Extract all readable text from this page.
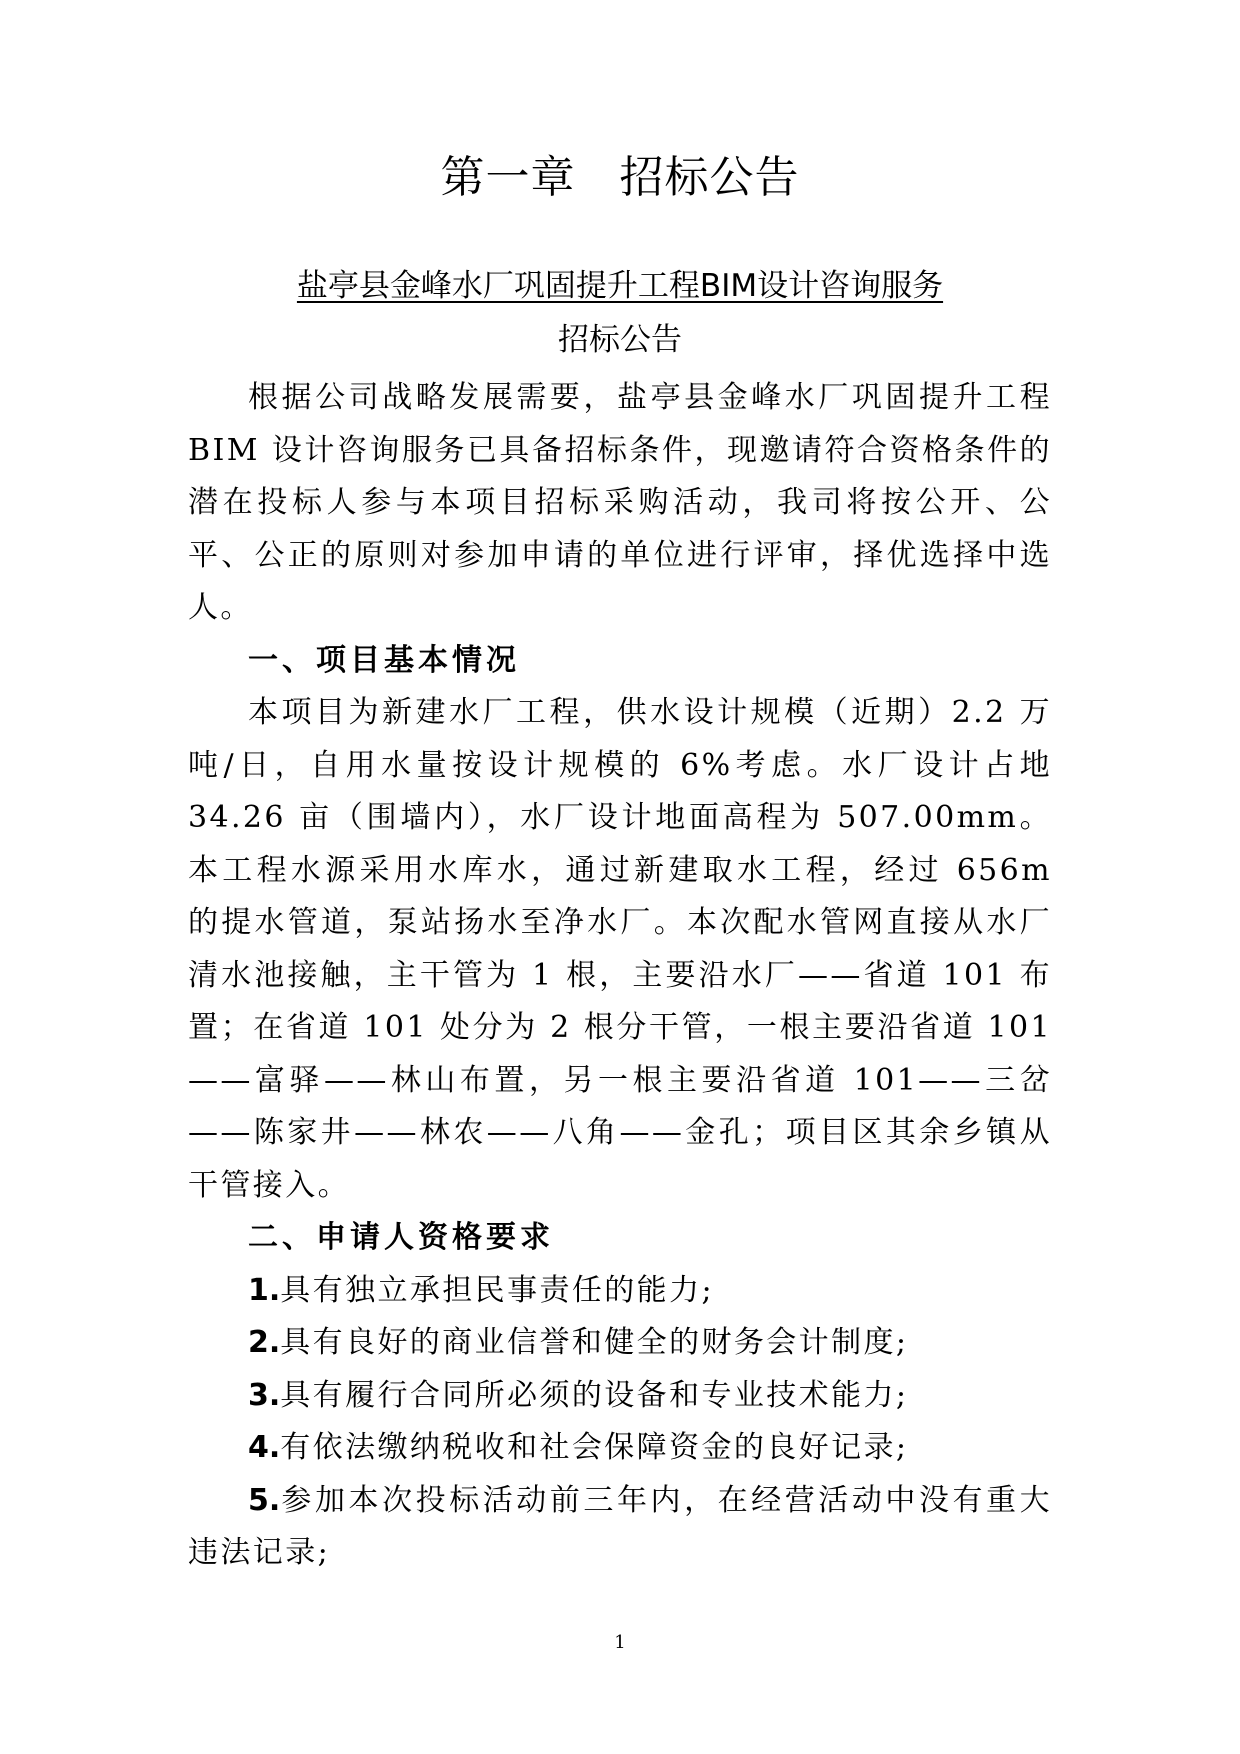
第一章 招标公告
盐亭县金峰水厂巩固提升工程BIM设计咨询服务
招标公告

根据公司战略发展需要，盐亭县金峰水厂巩固提升工程 BIM 设计咨询服务已具备招标条件，现邀请符合资格条件的潜在投标人参与本项目招标采购活动，我司将按公开、公平、公正的原则对参加申请的单位进行评审，择优选择中选人。

一、项目基本情况

本项目为新建水厂工程，供水设计规模（近期）2.2 万吨/日，自用水量按设计规模的 6%考虑。水厂设计占地 34.26 亩（围墙内），水厂设计地面高程为 507.00mm。本工程水源采用水库水，通过新建取水工程，经过 656m 的提水管道，泵站扬水至净水厂。本次配水管网直接从水厂清水池接触，主干管为 1 根，主要沿水厂——省道 101 布置；在省道 101 处分为 2 根分干管，一根主要沿省道 101——富驿——林山布置，另一根主要沿省道 101——三岔——陈家井——林农——八角——金孔；项目区其余乡镇从干管接入。

二、申请人资格要求

1.具有独立承担民事责任的能力;

2.具有良好的商业信誉和健全的财务会计制度;

3.具有履行合同所必须的设备和专业技术能力;

4.有依法缴纳税收和社会保障资金的良好记录;

5.参加本次投标活动前三年内，在经营活动中没有重大违法记录;

1
